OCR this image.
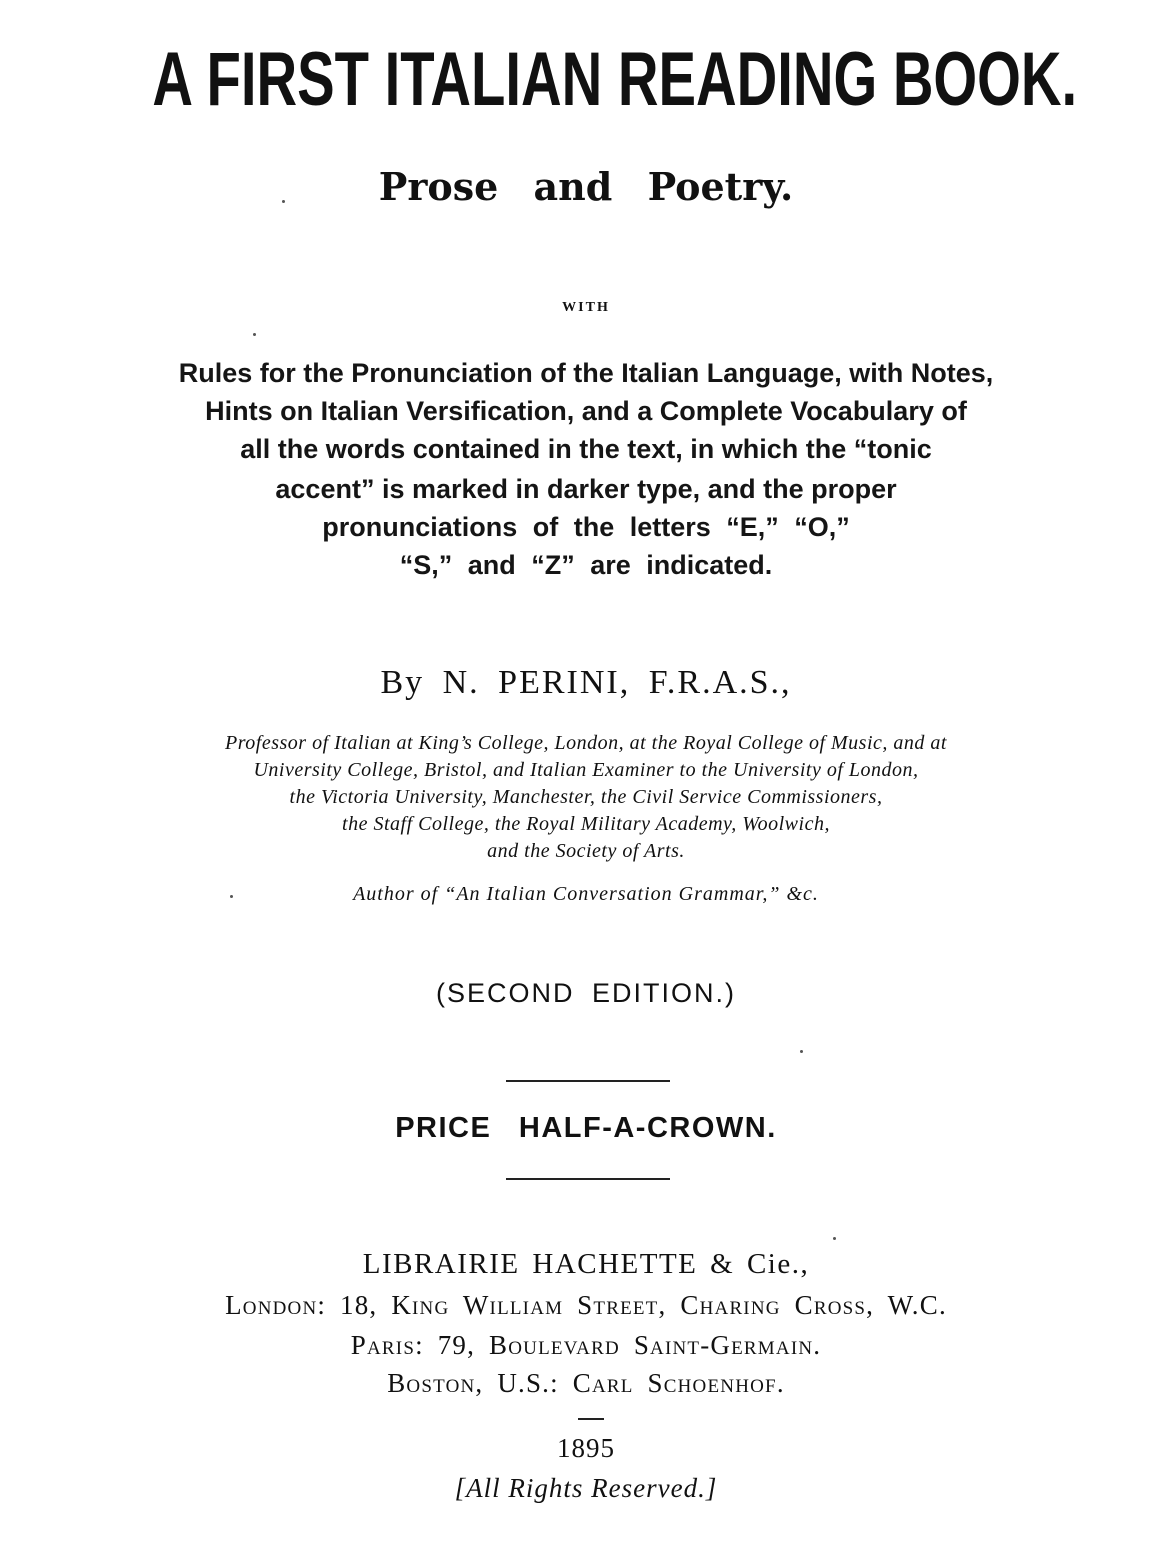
A FIRST ITALIAN READING BOOK.
Prose and Poetry.
WITH
Rules for the Pronunciation of the Italian Language, with Notes,
Hints on Italian Versification, and a Complete Vocabulary of
all the words contained in the text, in which the “tonic
accent” is marked in darker type, and the proper
pronunciations of the letters “E,” “O,”
“S,” and “Z” are indicated.
By N. PERINI, F.R.A.S.,
Professor of Italian at King’s College, London, at the Royal College of Music, and at
University College, Bristol, and Italian Examiner to the University of London,
the Victoria University, Manchester, the Civil Service Commissioners,
the Staff College, the Royal Military Academy, Woolwich,
and the Society of Arts.
Author of “An Italian Conversation Grammar,” &c.
(SECOND EDITION.)
PRICE HALF-A-CROWN.
LIBRAIRIE HACHETTE & Cie.,
London: 18, King William Street, Charing Cross, W.C.
Paris: 79, Boulevard Saint-Germain.
Boston, U.S.: Carl Schoenhof.
1895
[All Rights Reserved.]
